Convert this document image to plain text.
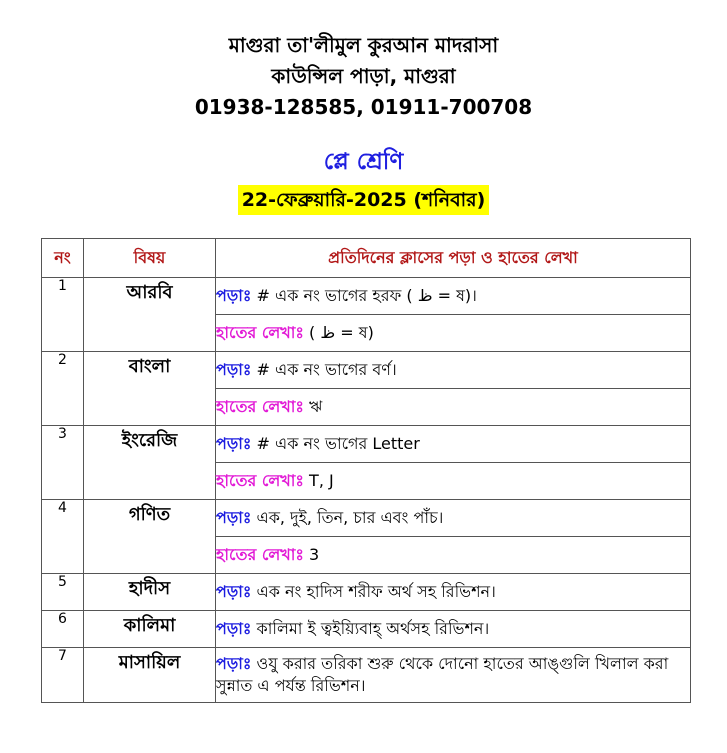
মাগুরা তা'লীমুল কুরআন মাদরাসা
কাউন্সিল পাড়া, মাগুরা
01938-128585, 01911-700708
প্লে শ্রেণি
22-ফেব্রুয়ারি-2025 (শনিবার)
নং	বিষয়	প্রতিদিনের ক্লাসের পড়া ও হাতের লেখা
1	আরবি	পড়াঃ # এক নং ভাগের হরফ ( ظ = ষ)।
		হাতের লেখাঃ ( ظ = ষ)
2	বাংলা	পড়াঃ # এক নং ভাগের বর্ণ।
		হাতের লেখাঃ ঋ
3	ইংরেজি	পড়াঃ # এক নং ভাগের Letter
		হাতের লেখাঃ T, J
4	গণিত	পড়াঃ এক, দুই, তিন, চার এবং পাঁচ।
		হাতের লেখাঃ 3
5	হাদীস	পড়াঃ এক নং হাদিস শরীফ অর্থ সহ রিভিশন।
6	কালিমা	পড়াঃ কালিমা ই ত্বইয়্যিবাহ্‌ অর্থসহ রিভিশন।
7	মাসায়িল	পড়াঃ ওযু করার তরিকা শুরু থেকে দোনো হাতের আঙ্গুলি খিলাল করা সুন্নাত এ পর্যন্ত রিভিশন।
